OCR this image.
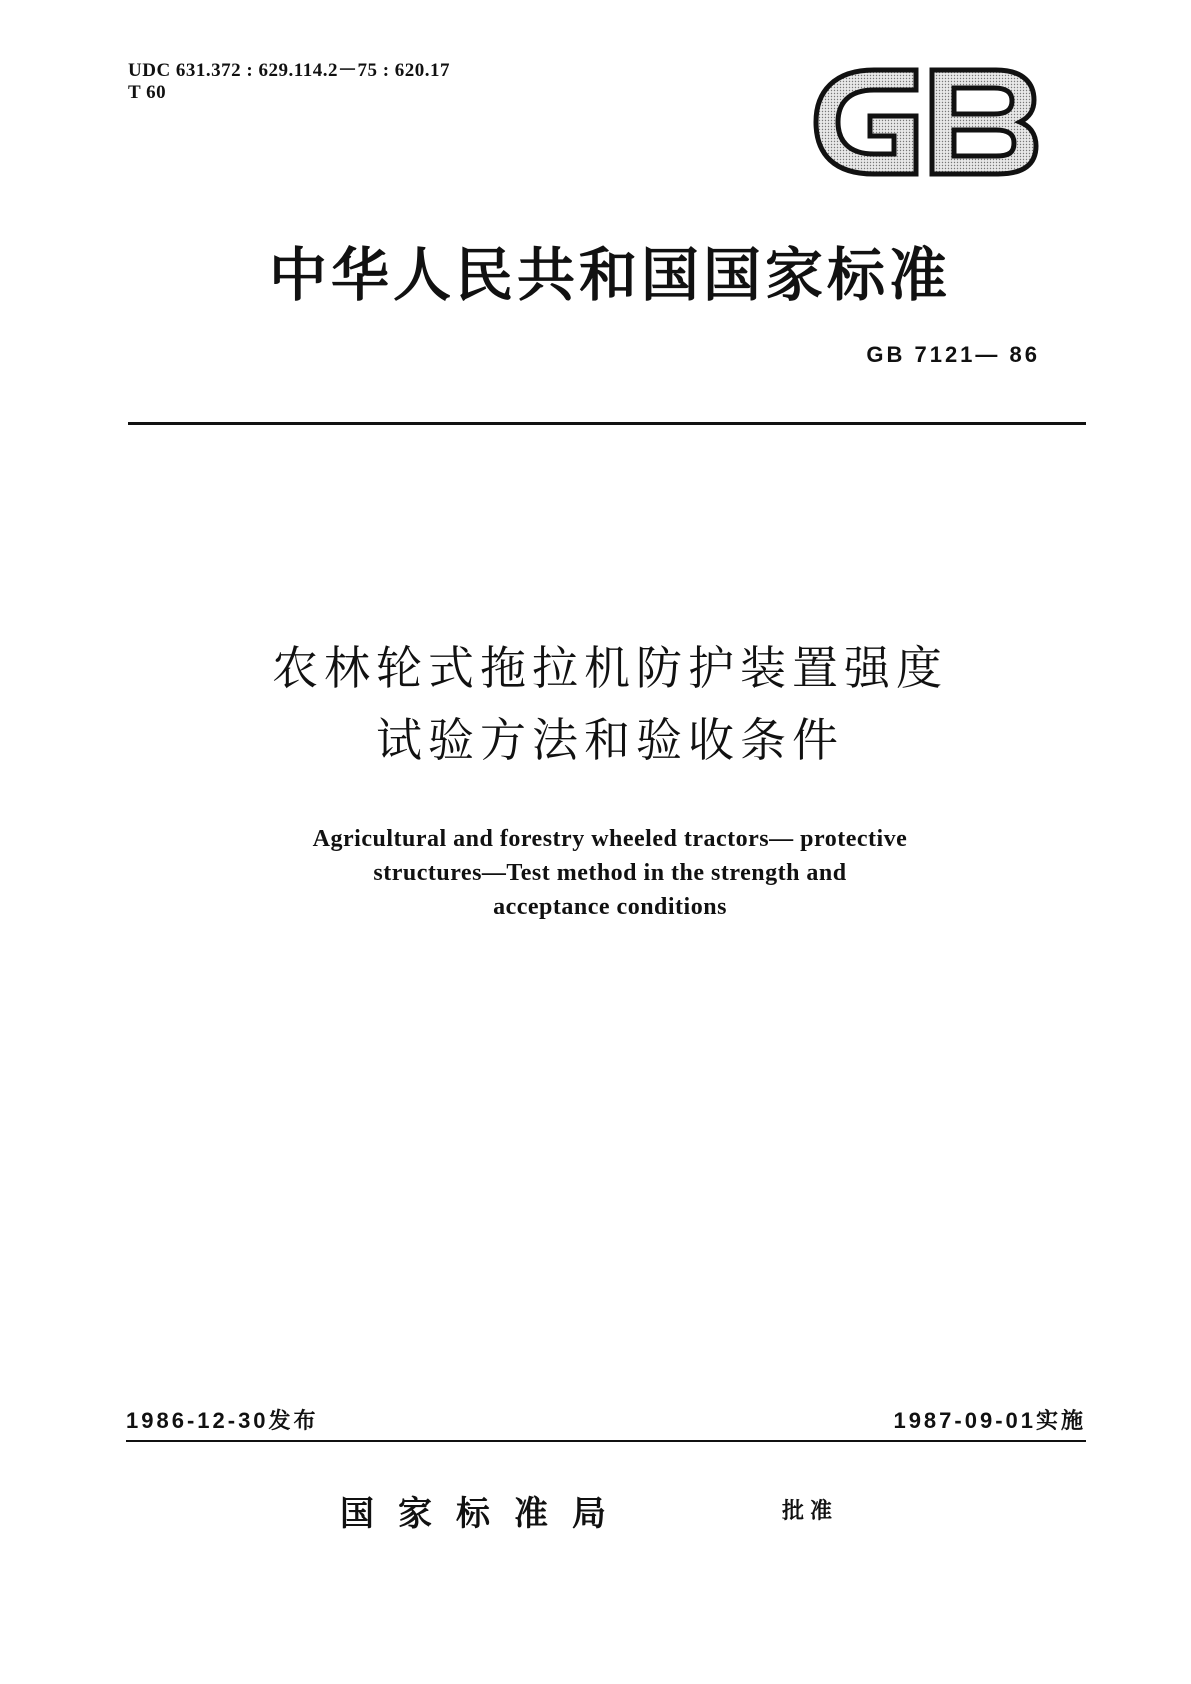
UDC 631.372 : 629.114.2－75 : 620.17
T 60
中华人民共和国国家标准
GB 7121— 86
农林轮式拖拉机防护装置强度
试验方法和验收条件
Agricultural and forestry wheeled tractors— protective
structures—Test method in the strength and
acceptance conditions
1986-12-30发布	1987-09-01实施
国家标准局	批准
